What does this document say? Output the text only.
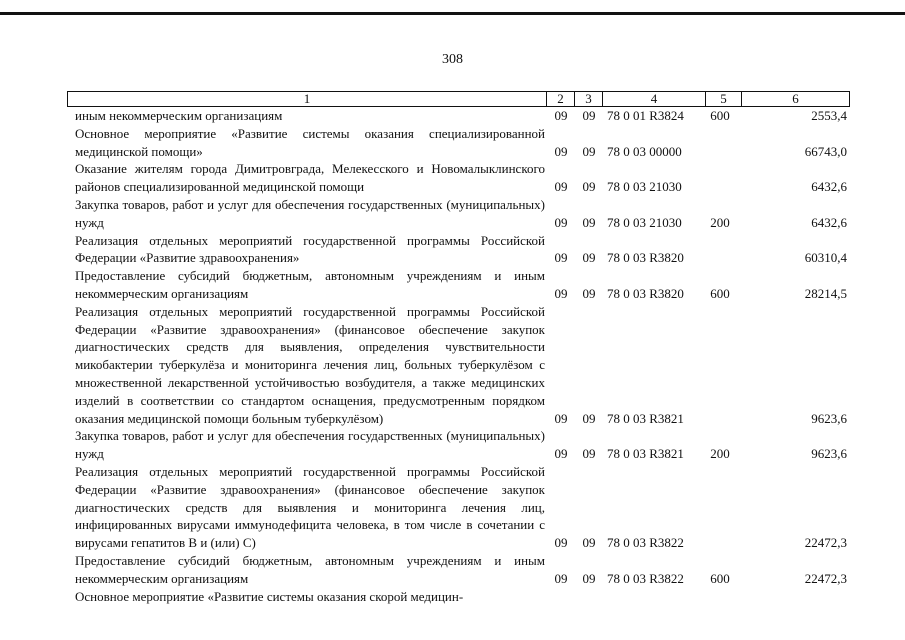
308
1	2	3	4	5	6
иным некоммерческим организациям	09 09 78 0 01 R3824	600	2553,4
Основное мероприятие «Развитие системы оказания специализированной медицинской помощи»	09 09 78 0 03 00000	66743,0
Оказание жителям города Димитровграда, Мелекесского и Новомалыклинского районов специализированной медицинской помощи	09 09 78 0 03 21030	6432,6
Закупка товаров, работ и услуг для обеспечения государственных (муниципальных) нужд	09 09 78 0 03 21030	200	6432,6
Реализация отдельных мероприятий государственной программы Российской Федерации «Развитие здравоохранения»	09 09 78 0 03 R3820	60310,4
Предоставление субсидий бюджетным, автономным учреждениям и иным некоммерческим организациям	09 09 78 0 03 R3820	600	28214,5
Реализация отдельных мероприятий государственной программы Российской Федерации «Развитие здравоохранения» (финансовое обеспечение закупок диагностических средств для выявления, определения чувствительности микобактерии туберкулёза и мониторинга лечения лиц, больных туберкулёзом с множественной лекарственной устойчивостью возбудителя, а также медицинских изделий в соответствии со стандартом оснащения, предусмотренным порядком оказания медицинской помощи больным туберкулёзом)	09 09 78 0 03 R3821	9623,6
Закупка товаров, работ и услуг для обеспечения государственных (муниципальных) нужд	09 09 78 0 03 R3821	200	9623,6
Реализация отдельных мероприятий государственной программы Российской Федерации «Развитие здравоохранения» (финансовое обеспечение закупок диагностических средств для выявления и мониторинга лечения лиц, инфицированных вирусами иммунодефицита человека, в том числе в сочетании с вирусами гепатитов В и (или) С)	09 09 78 0 03 R3822	22472,3
Предоставление субсидий бюджетным, автономным учреждениям и иным некоммерческим организациям	09 09 78 0 03 R3822	600	22472,3
Основное мероприятие «Развитие системы оказания скорой медицин-
